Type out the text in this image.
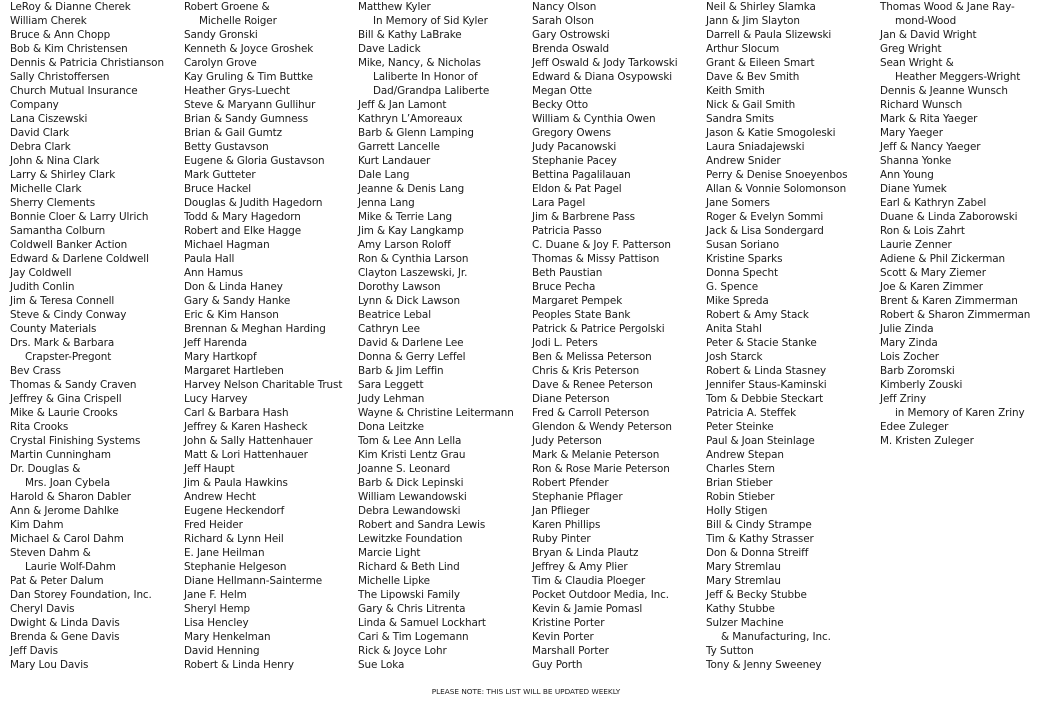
LeRoy & Dianne Cherek
William Cherek
Bruce & Ann Chopp
Bob & Kim Christensen
Dennis & Patricia Christianson
Sally Christoffersen
Church Mutual Insurance
Company
Lana Ciszewski
David Clark
Debra Clark
John & Nina Clark
Larry & Shirley Clark
Michelle Clark
Sherry Clements
Bonnie Cloer & Larry Ulrich
Samantha Colburn
Coldwell Banker Action
Edward & Darlene Coldwell
Jay Coldwell
Judith Conlin
Jim & Teresa Connell
Steve & Cindy Conway
County Materials
Drs. Mark & Barbara
Crapster-Pregont
Bev Crass
Thomas & Sandy Craven
Jeffrey & Gina Crispell
Mike & Laurie Crooks
Rita Crooks
Crystal Finishing Systems
Martin Cunningham
Dr. Douglas &
Mrs. Joan Cybela
Harold & Sharon Dabler
Ann & Jerome Dahlke
Kim Dahm
Michael & Carol Dahm
Steven Dahm &
Laurie Wolf-Dahm
Pat & Peter Dalum
Dan Storey Foundation, Inc.
Cheryl Davis
Dwight & Linda Davis
Brenda & Gene Davis
Jeff Davis
Mary Lou Davis
Robert Groene &
Michelle Roiger
Sandy Gronski
Kenneth & Joyce Groshek
Carolyn Grove
Kay Gruling & Tim Buttke
Heather Grys-Luecht
Steve & Maryann Gullihur
Brian & Sandy Gumness
Brian & Gail Gumtz
Betty Gustavson
Eugene & Gloria Gustavson
Mark Gutteter
Bruce Hackel
Douglas & Judith Hagedorn
Todd & Mary Hagedorn
Robert and Elke Hagge
Michael Hagman
Paula Hall
Ann Hamus
Don & Linda Haney
Gary & Sandy Hanke
Eric & Kim Hanson
Brennan & Meghan Harding
Jeff Harenda
Mary Hartkopf
Margaret Hartleben
Harvey Nelson Charitable Trust
Lucy Harvey
Carl & Barbara Hash
Jeffrey & Karen Hasheck
John & Sally Hattenhauer
Matt & Lori Hattenhauer
Jeff Haupt
Jim & Paula Hawkins
Andrew Hecht
Eugene Heckendorf
Fred Heider
Richard & Lynn Heil
E. Jane Heilman
Stephanie Helgeson
Diane Hellmann-Sainterme
Jane F. Helm
Sheryl Hemp
Lisa Hencley
Mary Henkelman
David Henning
Robert & Linda Henry
Matthew Kyler
In Memory of Sid Kyler
Bill & Kathy LaBrake
Dave Ladick
Mike, Nancy, & Nicholas
Laliberte In Honor of
Dad/Grandpa Laliberte
Jeff & Jan Lamont
Kathryn L’Amoreaux
Barb & Glenn Lamping
Garrett Lancelle
Kurt Landauer
Dale Lang
Jeanne & Denis Lang
Jenna Lang
Mike & Terrie Lang
Jim & Kay Langkamp
Amy Larson Roloff
Ron & Cynthia Larson
Clayton Laszewski, Jr.
Dorothy Lawson
Lynn & Dick Lawson
Beatrice Lebal
Cathryn Lee
David & Darlene Lee
Donna & Gerry Leffel
Barb & Jim Leffin
Sara Leggett
Judy Lehman
Wayne & Christine Leitermann
Dona Leitzke
Tom & Lee Ann Lella
Kim Kristi Lentz Grau
Joanne S. Leonard
Barb & Dick Lepinski
William Lewandowski
Debra Lewandowski
Robert and Sandra Lewis
Lewitzke Foundation
Marcie Light
Richard & Beth Lind
Michelle Lipke
The Lipowski Family
Gary & Chris Litrenta
Linda & Samuel Lockhart
Cari & Tim Logemann
Rick & Joyce Lohr
Sue Loka
Nancy Olson
Sarah Olson
Gary Ostrowski
Brenda Oswald
Jeff Oswald & Jody Tarkowski
Edward & Diana Osypowski
Megan Otte
Becky Otto
William & Cynthia Owen
Gregory Owens
Judy Pacanowski
Stephanie Pacey
Bettina Pagalilauan
Eldon & Pat Pagel
Lara Pagel
Jim & Barbrene Pass
Patricia Passo
C. Duane & Joy F. Patterson
Thomas & Missy Pattison
Beth Paustian
Bruce Pecha
Margaret Pempek
Peoples State Bank
Patrick & Patrice Pergolski
Jodi L. Peters
Ben & Melissa Peterson
Chris & Kris Peterson
Dave & Renee Peterson
Diane Peterson
Fred & Carroll Peterson
Glendon & Wendy Peterson
Judy Peterson
Mark & Melanie Peterson
Ron & Rose Marie Peterson
Robert Pfender
Stephanie Pflager
Jan Pflieger
Karen Phillips
Ruby Pinter
Bryan & Linda Plautz
Jeffrey & Amy Plier
Tim & Claudia Ploeger
Pocket Outdoor Media, Inc.
Kevin & Jamie Pomasl
Kristine Porter
Kevin Porter
Marshall Porter
Guy Porth
Neil & Shirley Slamka
Jann & Jim Slayton
Darrell & Paula Slizewski
Arthur Slocum
Grant & Eileen Smart
Dave & Bev Smith
Keith Smith
Nick & Gail Smith
Sandra Smits
Jason & Katie Smogoleski
Laura Sniadajewski
Andrew Snider
Perry & Denise Snoeyenbos
Allan & Vonnie Solomonson
Jane Somers
Roger & Evelyn Sommi
Jack & Lisa Sondergard
Susan Soriano
Kristine Sparks
Donna Specht
G. Spence
Mike Spreda
Robert & Amy Stack
Anita Stahl
Peter & Stacie Stanke
Josh Starck
Robert & Linda Stasney
Jennifer Staus-Kaminski
Tom & Debbie Steckart
Patricia A. Steffek
Peter Steinke
Paul & Joan Steinlage
Andrew Stepan
Charles Stern
Brian Stieber
Robin Stieber
Holly Stigen
Bill & Cindy Strampe
Tim & Kathy Strasser
Don & Donna Streiff
Mary Stremlau
Mary Stremlau
Jeff & Becky Stubbe
Kathy Stubbe
Sulzer Machine
& Manufacturing, Inc.
Ty Sutton
Tony & Jenny Sweeney
Thomas Wood & Jane Ray-
mond-Wood
Jan & David Wright
Greg Wright
Sean Wright &
Heather Meggers-Wright
Dennis & Jeanne Wunsch
Richard Wunsch
Mark & Rita Yaeger
Mary Yaeger
Jeff & Nancy Yaeger
Shanna Yonke
Ann Young
Diane Yumek
Earl & Kathryn Zabel
Duane & Linda Zaborowski
Ron & Lois Zahrt
Laurie Zenner
Adiene & Phil Zickerman
Scott & Mary Ziemer
Joe & Karen Zimmer
Brent & Karen Zimmerman
Robert & Sharon Zimmerman
Julie Zinda
Mary Zinda
Lois Zocher
Barb Zoromski
Kimberly Zouski
Jeff Zriny
in Memory of Karen Zriny
Edee Zuleger
M. Kristen Zuleger
PLEASE NOTE: THIS LIST WILL BE UPDATED WEEKLY
